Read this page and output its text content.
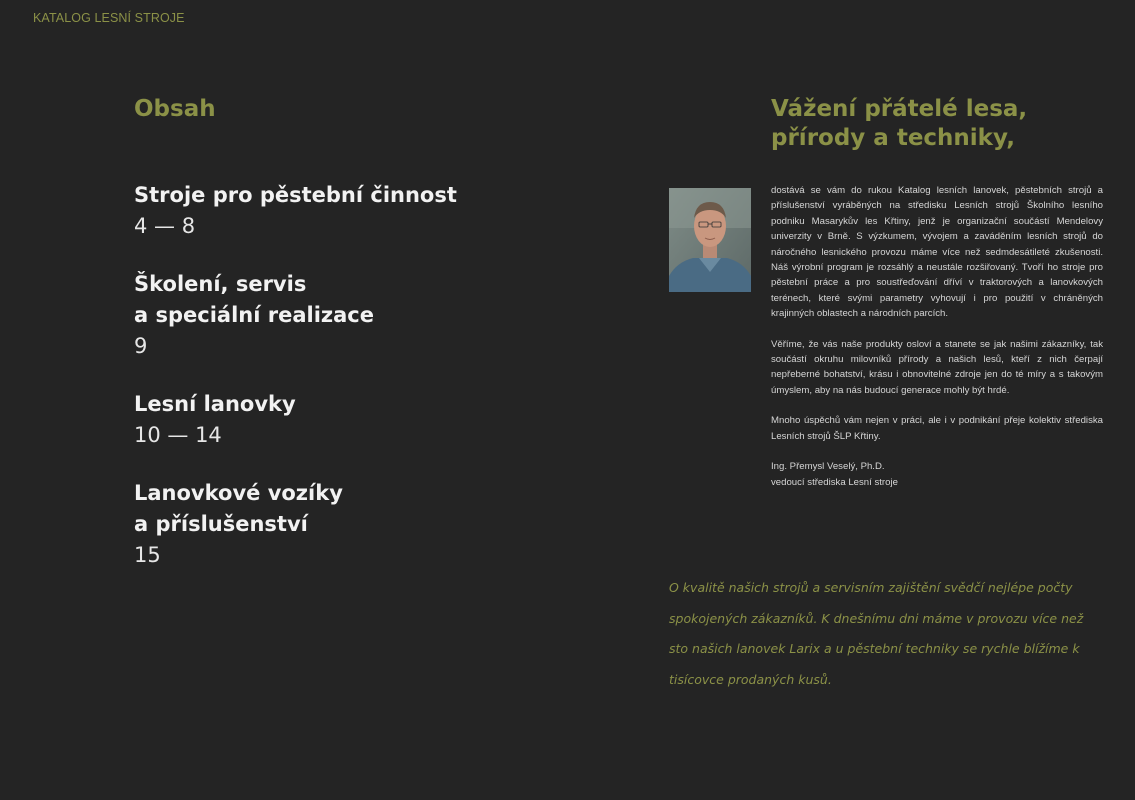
KATALOG LESNÍ STROJE
Obsah
Stroje pro pěstební činnost
4 — 8
Školení, servis
a speciální realizace
9
Lesní lanovky
10 — 14
Lanovkové vozíky
a příslušenství
15
Vážení přátelé lesa,
přírody a techniky,

dostává se vám do rukou Katalog lesních lanovek, pěstebních strojů a příslušenství vyráběných na středisku Lesních strojů Školního lesního podniku Masarykův les Křtiny, jenž je organizační součástí Mendelovy univerzity v Brně. S výzkumem, vývojem a zaváděním lesních strojů do náročného lesnického provozu máme více než sedmdesátileté zkušenosti. Náš výrobní program je rozsáhlý a neustále rozšiřovaný. Tvoří ho stroje pro pěstební práce a pro soustřeďování dříví v traktorových a lanovkových terénech, které svými parametry vyhovují i pro použití v chráněných krajinných oblastech a národních parcích.

Věříme, že vás naše produkty osloví a stanete se jak našimi zákazníky, tak součástí okruhu milovníků přírody a našich lesů, kteří z nich čerpají nepřeberné bohatství, krásu i obnovitelné zdroje jen do té míry a s takovým úmyslem, aby na nás budoucí generace mohly být hrdé.

Mnoho úspěchů vám nejen v práci, ale i v podnikání přeje kolektiv střediska Lesních strojů ŠLP Křtiny.

Ing. Přemysl Veselý, Ph.D.
vedoucí střediska Lesní stroje

O kvalitě našich strojů a servisním zajištění svědčí nejlépe počty spokojených zákazníků. K dnešnímu dni máme v provozu více než sto našich lanovek Larix a u pěstební techniky se rychle blížíme k tisícovce prodaných kusů.
